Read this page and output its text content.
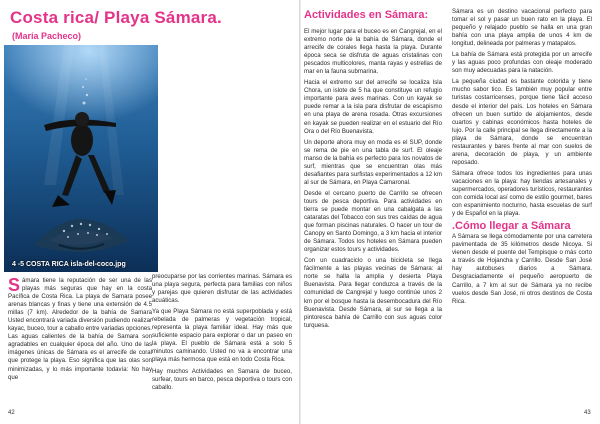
Costa rica/ Playa Sámara.
(María Pacheco)
4 -5 COSTA RICA isla-del-coco.jpg

Sámara tiene la reputación de ser una de las playas más seguras que hay en la costa Pacífica de Costa Rica. La playa de Samara posee arenas blancas y finas y tiene una extensión de 4.5 millas (7 km). Alrededor de la bahía de Samara Usted encontrará variada diversión pudiendo realizar kayac, buceo, tour a caballo entre variadas opciones. Las aguas calientes de la bahía de Samara son agradables en cualquier época del año. Uno de las imágenes únicas de Sámara es el arrecife de coral que protege la playa. Eso significa que las olas son minimizadas, y lo más importante todavía: No hay que

preocuparse por las corrientes marinas. Sámara es una playa segura, perfecta para familias con niños y parejas que quieren disfrutar de las actividades acuáticas.

Ya que Playa Sámara no está superpoblada y está rebelada de palmeras y vegetación tropical, representa la playa familiar ideal. Hay más que suficiente espacio para explorar o dar un paseo en la playa. El pueblo de Sámara está a solo 5 minutos caminando. Usted no va a encontrar una playa más hermosa que está en todo Costa Rica.

Hay muchos Actividades en Samara de buceo, surfear, tours en barco, pesca deportiva o tours con caballo.

42
Actividades en Sámara:

El mejor lugar para el buceo es en Cangrejal, en el extremo norte de la bahía de Sámara, donde el arrecife de corales llega hasta la playa. Durante época seca se disfruta de aguas cristalinas con pescados multicolores, manta rayas y estrellas de mar en la fauna submarina.

Hacia el extremo sur del arrecife se localiza Isla Chora, un islote de 5 ha que constituye un refugio importante para aves marinas. Con un kayak se puede remar a la isla para disfrutar de escapismo en una playa de arena rosada. Otras excursiones en kayak se pueden realizar en el estuario del Río Ora o del Río Buenavista.

Un deporte ahora muy en moda es el SUP, donde se rema de pie en una tabla de surf. El oleaje manso de la bahía es perfecto para los novatos de surf, mientras que se encuentran olas más desafiantes para surfistas experimentados a 12 km al sur de Sámara, en Playa Camaronal.

Desde el cercano puerto de Carrillo se ofrecen tours de pesca deportiva. Para actividades en tierra se puede montar en una cabalgata a las cataratas del Tobacco con sus tres caídas de agua que forman piscinas naturales. O hacer un tour de Canopy en Santo Domingo, a 3 km hacia el interior de Sámara. Todos los hoteles en Sámara pueden organizar estos tours y actividades.

Con un cuadraciclo o una bicicleta se llega fácilmente a las playas vecinas de Sámara: al norte se halla la amplia y desierta Playa Buenavista. Para llegar conduzca a través de la comunidad de Cangrejal y luego continúe unos 2 km por el bosque hasta la desembocadura del Río Buenavista. Desde Sámara, al sur se llega a la pintoresca bahía de Carrillo con sus aguas color turquesa.

Sámara es un destino vacacional perfecto para tomar el sol y pasar un buen rato en la playa. El pequeño y relajado pueblo se halla en una gran bahía con una playa amplia de unos 4 km de longitud, delineada por palmeras y matapalos.

La bahía de Sámara está protegida por un arrecife y las aguas poco profundas con oleaje moderado son muy adecuadas para la natación.

La pequeña ciudad es bastante colorida y tiene mucho sabor tico. Es también muy popular entre turistas costarricenses, porque tiene fácil acceso desde el interior del país. Los hoteles en Sámara ofrecen un buen surtido de alojamientos, desde cuartos y cabinas económicos hasta hoteles de lujo. Por la calle principal se llega directamente a la playa de Sámara, donde se encuentran restaurantes y bares frente al mar con suelos de arena, decoración de playa, y un ambiente reposado.

Sámara ofrece todos los ingredientes para unas vacaciones en la playa: hay tiendas artesanales y supermercados, operadores turísticos, restaurantes con comida local así como de estilo gourmet, bares con espanimiento nocturno, hasta escuelas de surf y de Español en la playa.

.Cómo llegar a Sámara

A Sámara se llega cómodamente por una carretera pavimentada de 35 kilómetros desde Nicoya. Si vienen desde el puente del Tempisque o más corto a través de Hojancha y Carrillo. Desde San José hay autobuses diarios a Sámara. Desgraciadamente el pequeño aeropuerto de Carrillo, a 7 km al sur de Sámara ya no recibe vuelos desde San José, ni otros destinos de Costa Rica.

43
